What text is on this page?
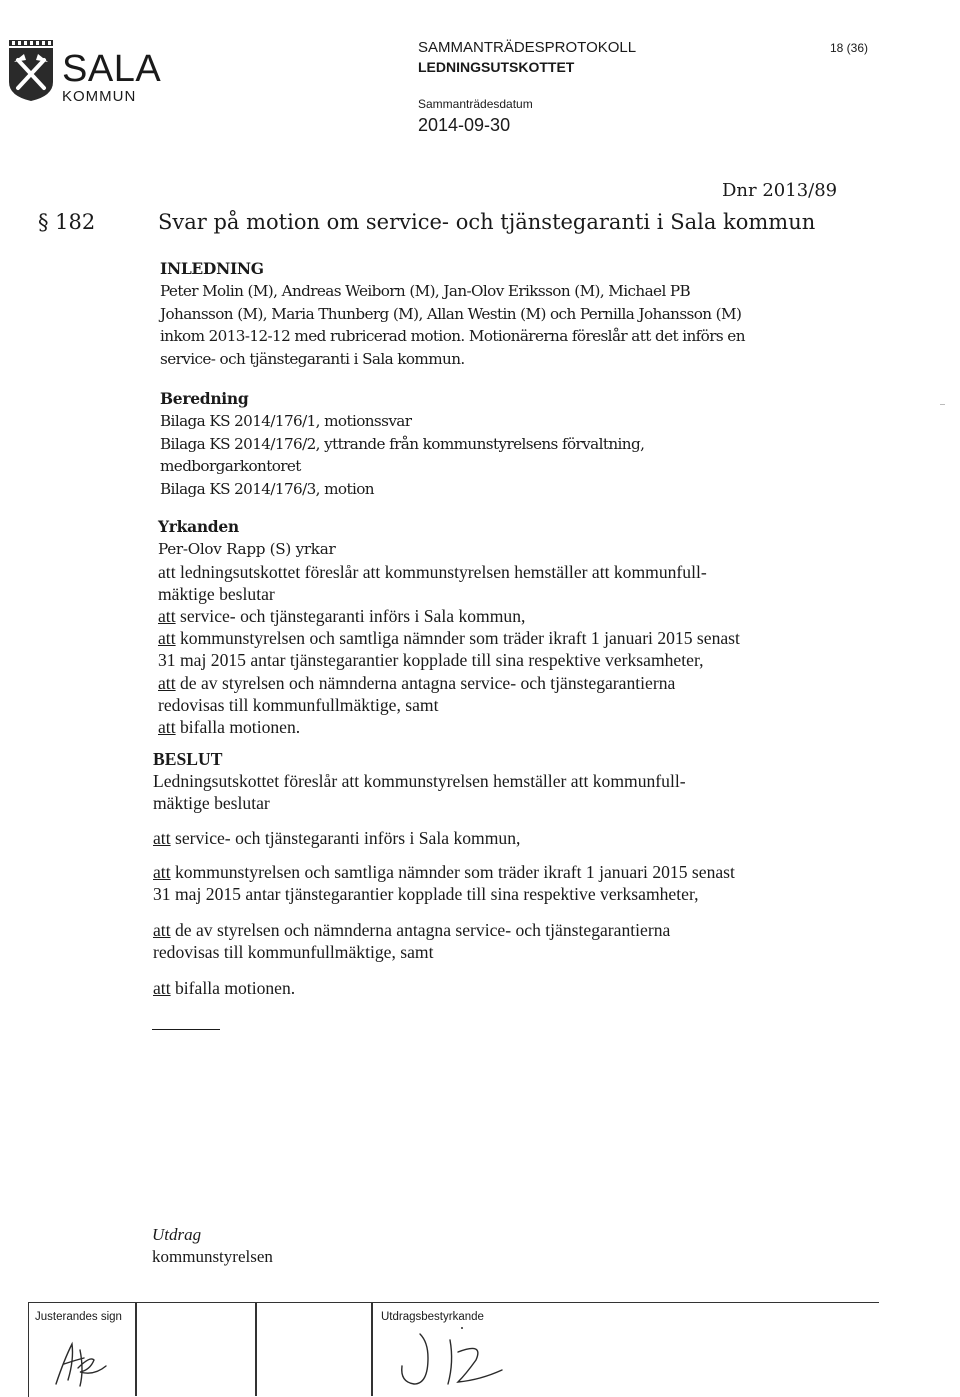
SALA
KOMMUN
SAMMANTRÄDESPROTOKOLL
LEDNINGSUTSKOTTET
Sammanträdesdatum
2014-09-30
18 (36)
Dnr 2013/89
§ 182	Svar på motion om service- och tjänstegaranti i Sala kommun
INLEDNING
Peter Molin (M), Andreas Weiborn (M), Jan-Olov Eriksson (M), Michael PB
Johansson (M), Maria Thunberg (M), Allan Westin (M) och Pernilla Johansson (M)
inkom 2013-12-12 med rubricerad motion. Motionärerna föreslår att det införs en
service- och tjänstegaranti i Sala kommun.
Beredning
Bilaga KS 2014/176/1, motionssvar
Bilaga KS 2014/176/2, yttrande från kommunstyrelsens förvaltning,
medborgarkontoret
Bilaga KS 2014/176/3, motion
Yrkanden
Per-Olov Rapp (S) yrkar
att ledningsutskottet föreslår att kommunstyrelsen hemställer att kommunfull-
mäktige beslutar
att service- och tjänstegaranti införs i Sala kommun,
att kommunstyrelsen och samtliga nämnder som träder ikraft 1 januari 2015 senast
31 maj 2015 antar tjänstegarantier kopplade till sina respektive verksamheter,
att de av styrelsen och nämnderna antagna service- och tjänstegarantierna
redovisas till kommunfullmäktige, samt
att bifalla motionen.
BESLUT
Ledningsutskottet föreslår att kommunstyrelsen hemställer att kommunfull-
mäktige beslutar
att service- och tjänstegaranti införs i Sala kommun,
att kommunstyrelsen och samtliga nämnder som träder ikraft 1 januari 2015 senast
31 maj 2015 antar tjänstegarantier kopplade till sina respektive verksamheter,
att de av styrelsen och nämnderna antagna service- och tjänstegarantierna
redovisas till kommunfullmäktige, samt
att bifalla motionen.
Utdrag
kommunstyrelsen
Justerandes sign	Utdragsbestyrkande
